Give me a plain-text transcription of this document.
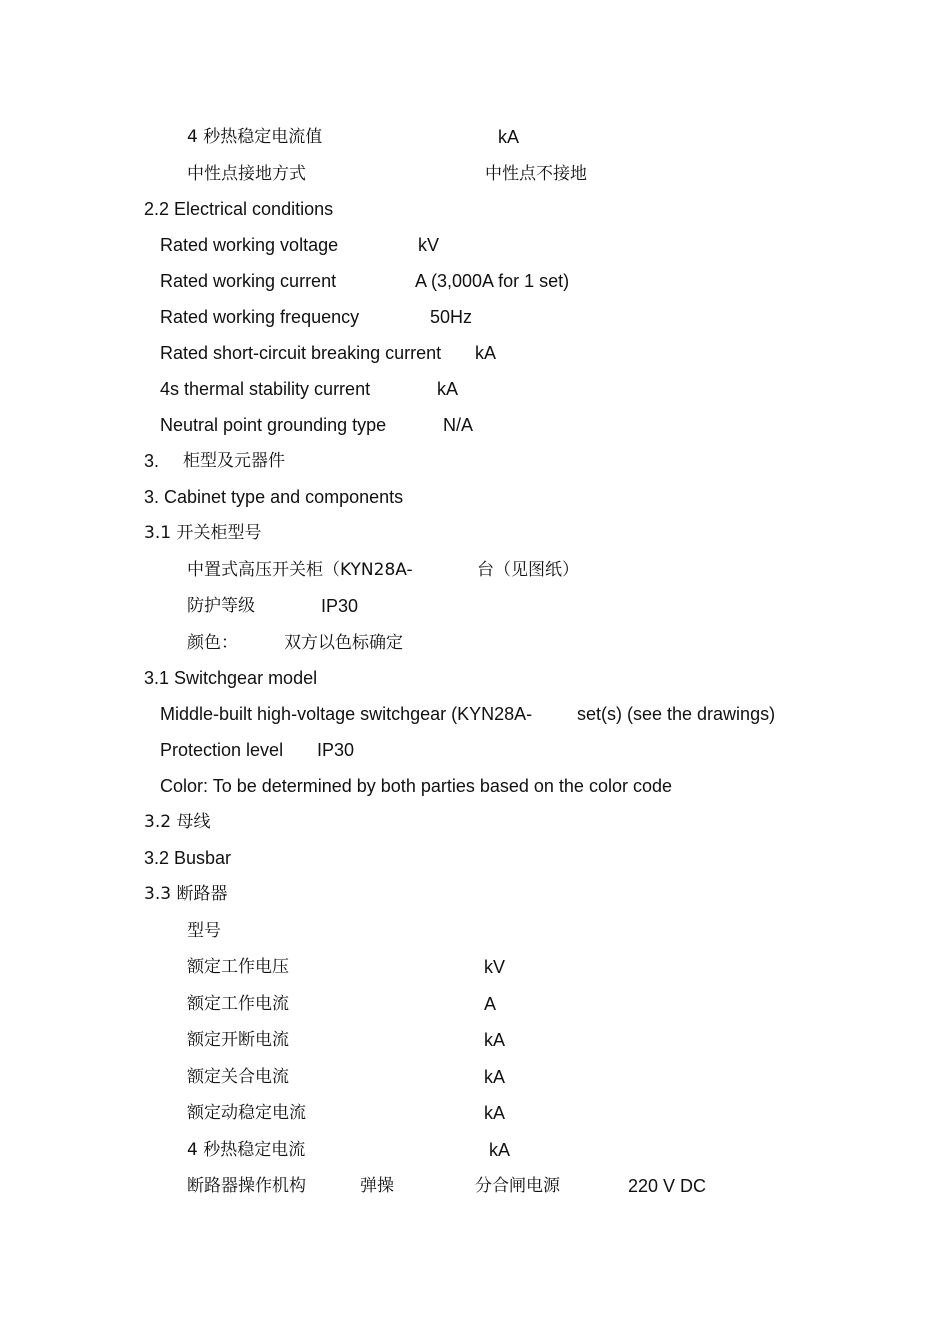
4 秒热稳定电流值	kA
中性点接地方式	中性点不接地
2.2 Electrical conditions
Rated working voltage	kV
Rated working current	A (3,000A for 1 set)
Rated working frequency	50Hz
Rated short-circuit breaking current kA
4s thermal stability current	kA
Neutral point grounding type	N/A
3. 柜型及元器件
3. Cabinet type and components
3.1 开关柜型号
中置式高压开关柜（KYN28A-	台（见图纸）
防护等级	IP30
颜色：	双方以色标确定
3.1 Switchgear model
Middle-built high-voltage switchgear (KYN28A- set(s) (see the drawings)
Protection level IP30
Color: To be determined by both parties based on the color code
3.2 母线
3.2 Busbar
3.3 断路器
型号
额定工作电压	kV
额定工作电流	A
额定开断电流	kA
额定关合电流	kA
额定动稳定电流	kA
4 秒热稳定电流	kA
断路器操作机构	弹操	分合闸电源	220 V DC
